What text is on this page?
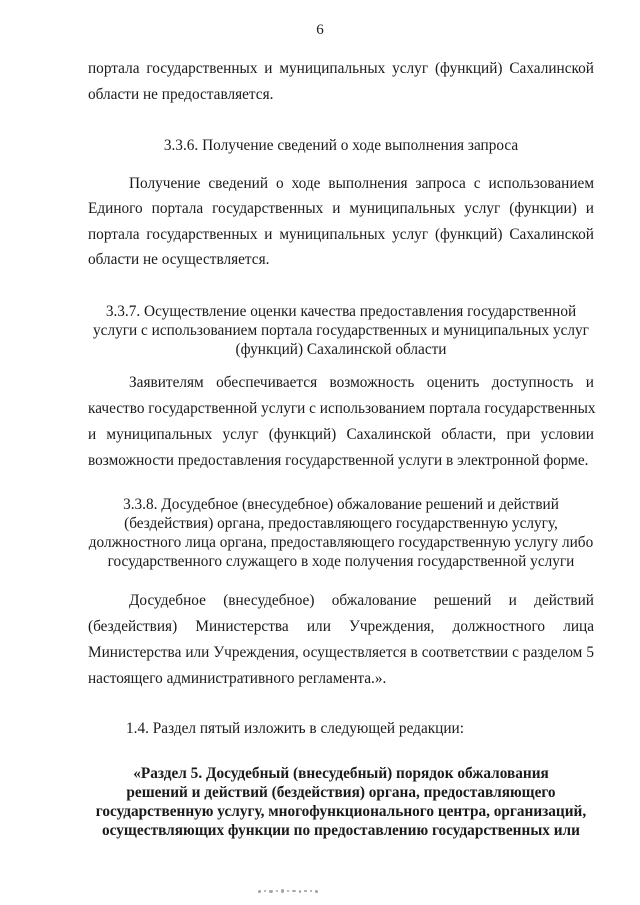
6
портала государственных и муниципальных услуг (функций) Сахалинской
области не предоставляется.
3.3.6. Получение сведений о ходе выполнения запроса
Получение сведений о ходе выполнения запроса с использованием
Единого портала государственных и муниципальных услуг (функции) и
портала государственных и муниципальных услуг (функций) Сахалинской
области не осуществляется.
3.3.7. Осуществление оценки качества предоставления государственной
услуги с использованием портала государственных и муниципальных услуг
(функций) Сахалинской области
Заявителям обеспечивается возможность оценить доступность и
качество государственной услуги с использованием портала государственных
и муниципальных услуг (функций) Сахалинской области, при условии
возможности предоставления государственной услуги в электронной форме.
3.3.8. Досудебное (внесудебное) обжалование решений и действий
(бездействия) органа, предоставляющего государственную услугу,
должностного лица органа, предоставляющего государственную услугу либо
государственного служащего в ходе получения государственной услуги
Досудебное (внесудебное) обжалование решений и действий
(бездействия) Министерства или Учреждения, должностного лица
Министерства или Учреждения, осуществляется в соответствии с разделом 5
настоящего административного регламента.».
1.4. Раздел пятый изложить в следующей редакции:
«Раздел 5. Досудебный (внесудебный) порядок обжалования
решений и действий (бездействия) органа, предоставляющего
государственную услугу, многофункционального центра, организаций,
осуществляющих функции по предоставлению государственных или
